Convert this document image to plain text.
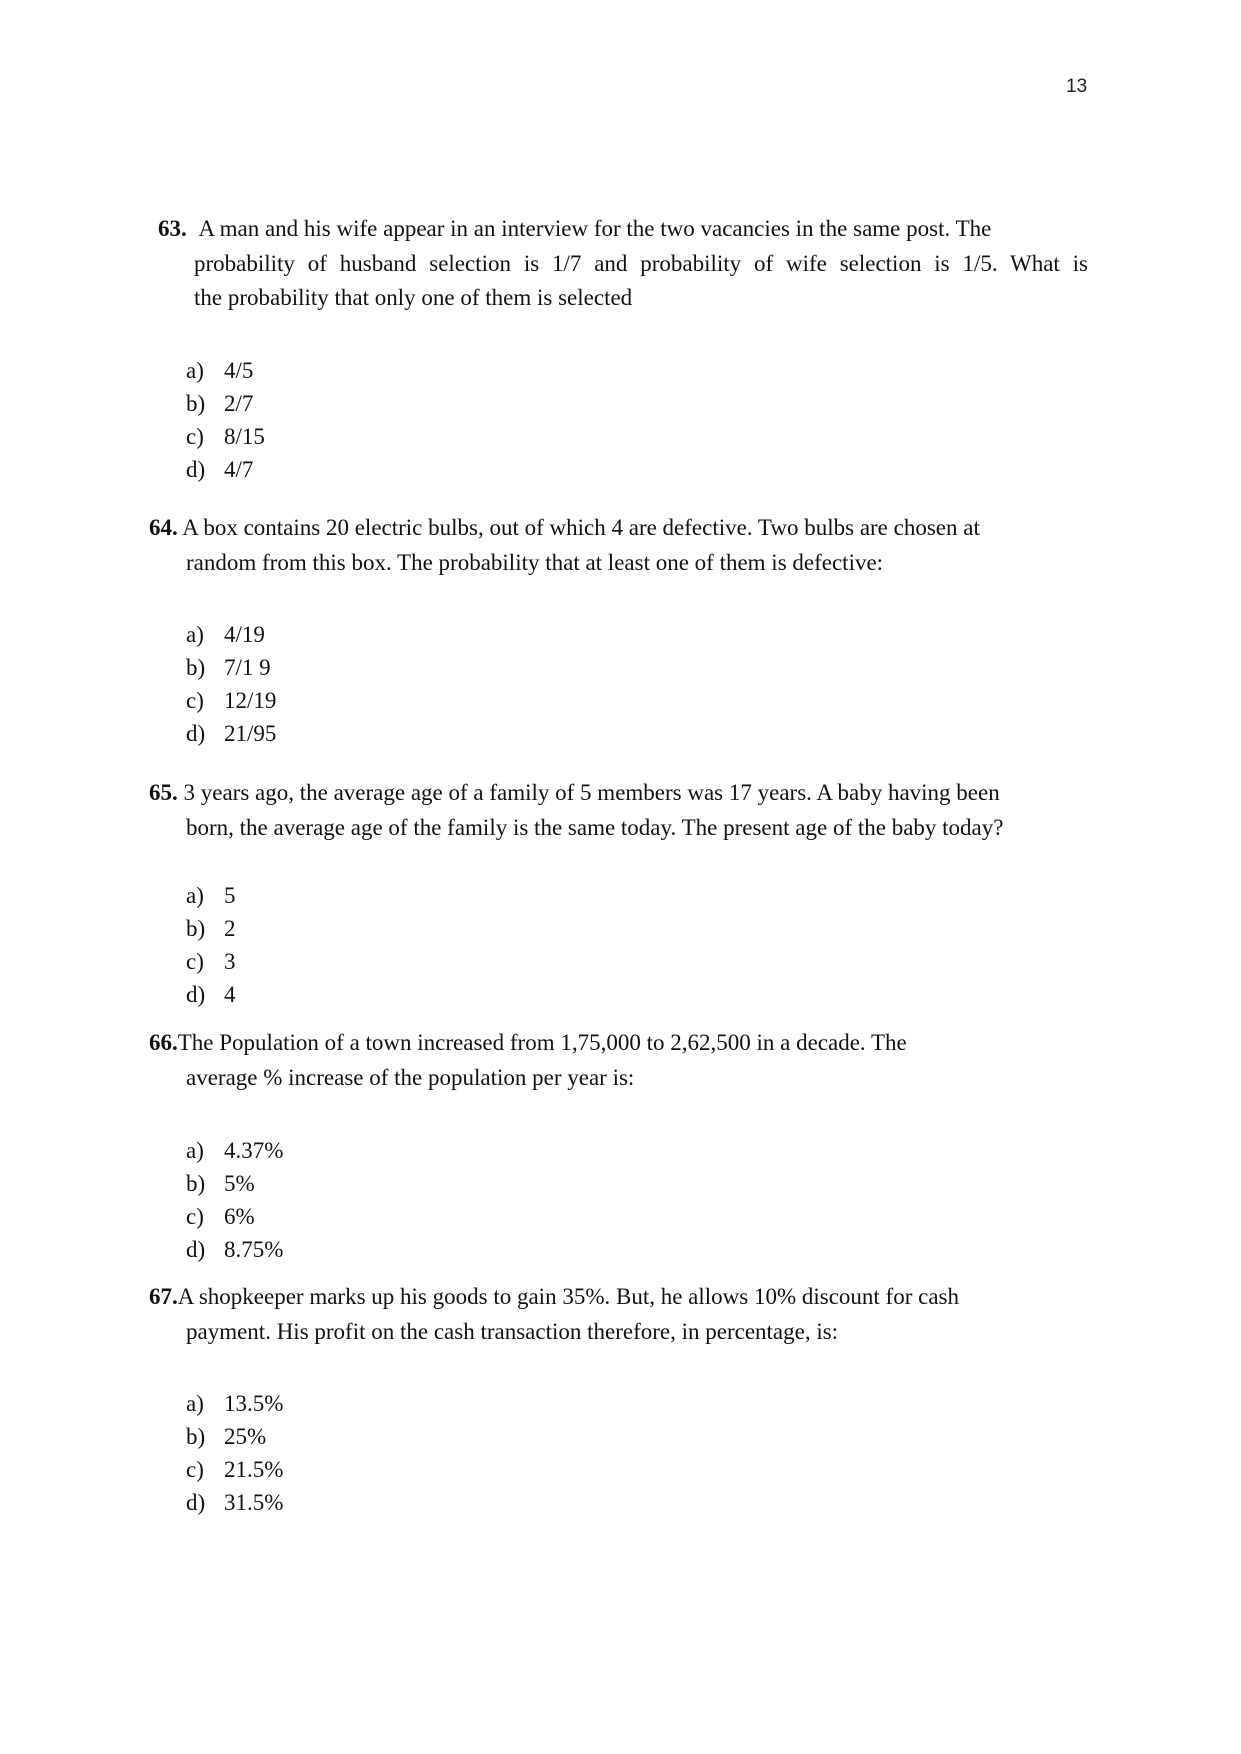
13
63. A man and his wife appear in an interview for the two vacancies in the same post. The
probability of husband selection is 1/7 and probability of wife selection is 1/5. What is
the probability that only one of them is selected
a) 4/5
b) 2/7
c) 8/15
d) 4/7
64. A box contains 20 electric bulbs, out of which 4 are defective. Two bulbs are chosen at
random from this box. The probability that at least one of them is defective:
a) 4/19
b) 7/1 9
c) 12/19
d) 21/95
65. 3 years ago, the average age of a family of 5 members was 17 years. A baby having been
born, the average age of the family is the same today. The present age of the baby today?
a) 5
b) 2
c) 3
d) 4
66.The Population of a town increased from 1,75,000 to 2,62,500 in a decade. The
average % increase of the population per year is:
a) 4.37%
b) 5%
c) 6%
d) 8.75%
67.A shopkeeper marks up his goods to gain 35%. But, he allows 10% discount for cash
payment. His profit on the cash transaction therefore, in percentage, is:
a) 13.5%
b) 25%
c) 21.5%
d) 31.5%
